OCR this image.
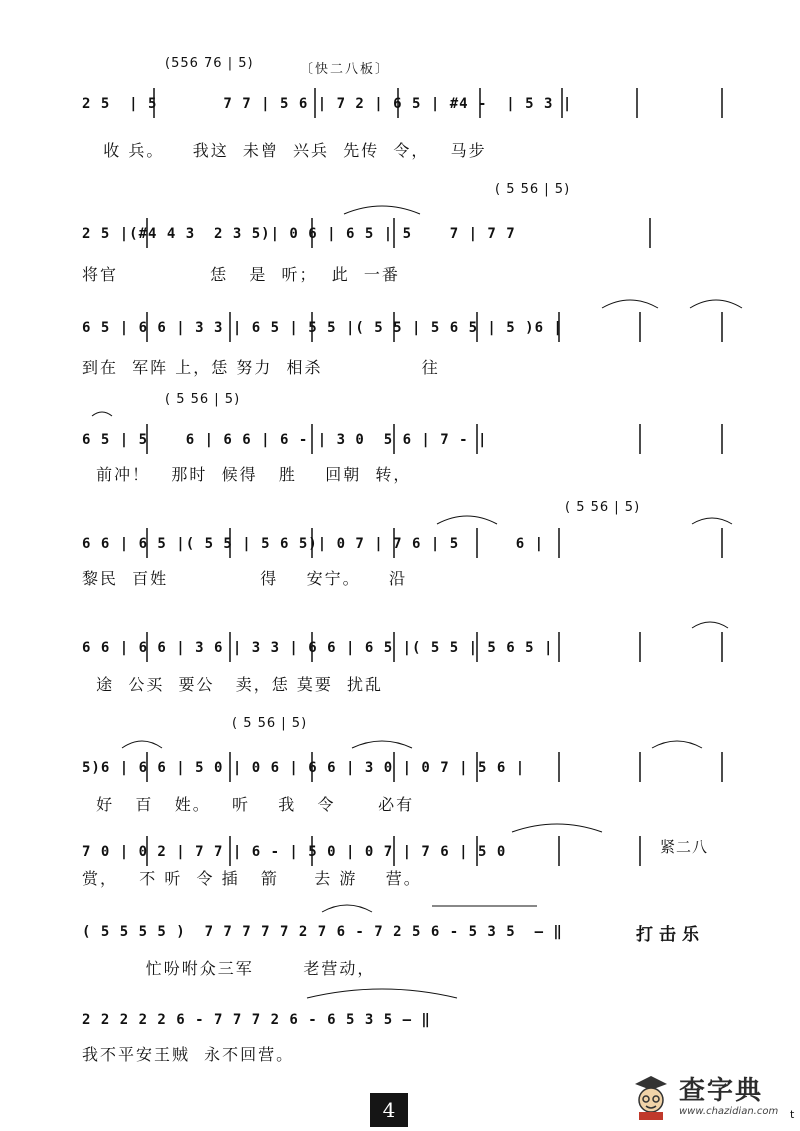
〔快二八板〕
(556 76 | 5)

2 5  | 5       7 7 | 5 6 | 7 2 | 6 5 | #4 -  | 5 3 |

收 兵。    我这  未曾  兴兵  先传  令，   马步
( 5 56 | 5)

2 5 |(#4 4 3  2 3 5)| 0 6 | 6 5 | 5    7 | 7 7

将官             恁   是  听；  此  一番

6 5 | 6 6 | 3 3 | 6 5 | 5 5 |( 5 5 | 5 6 5 | 5 )6 |

到在  军阵 上，恁 努力  相杀              往
( 5 56 | 5)

6 5 | 5    6 | 6 6 | 6 - | 3 0  5 6 | 7 - |

前冲！   那时  候得   胜    回朝  转，
( 5 56 | 5)

6 6 | 6 5 |( 5 5 | 5 6 5)| 0 7 | 7 6 | 5      6 |

黎民  百姓             得    安宁。    沿

6 6 | 6 6 | 3 6 | 3 3 | 6 6 | 6 5 |( 5 5 | 5 6 5 |

途  公买  要公   卖，恁 莫要  扰乱
( 5 56 | 5)

5)6 | 6 6 | 5 0 | 0 6 | 6 6 | 3 0 | 0 7 | 5 6 |

好   百   姓。   听    我   令      必有

7 0 | 0 2 | 7 7 | 6 - | 5 0 | 0 7 | 7 6 | 5 0

	紧二八
赏，   不 听  令 插   箭     去 游    营。

( 5 5 5 5 )  7 7 7 7 7 2 7 6 - 7 2 5 6 - 5 3 5  — ‖

	打击乐
忙吩咐众三军       老营动，

2 2 2 2 2 6 - 7 7 7 2 6 - 6 5 3 5 — ‖

我不平安王贼  永不回营。
4
查字典
www.chazidian.com t
